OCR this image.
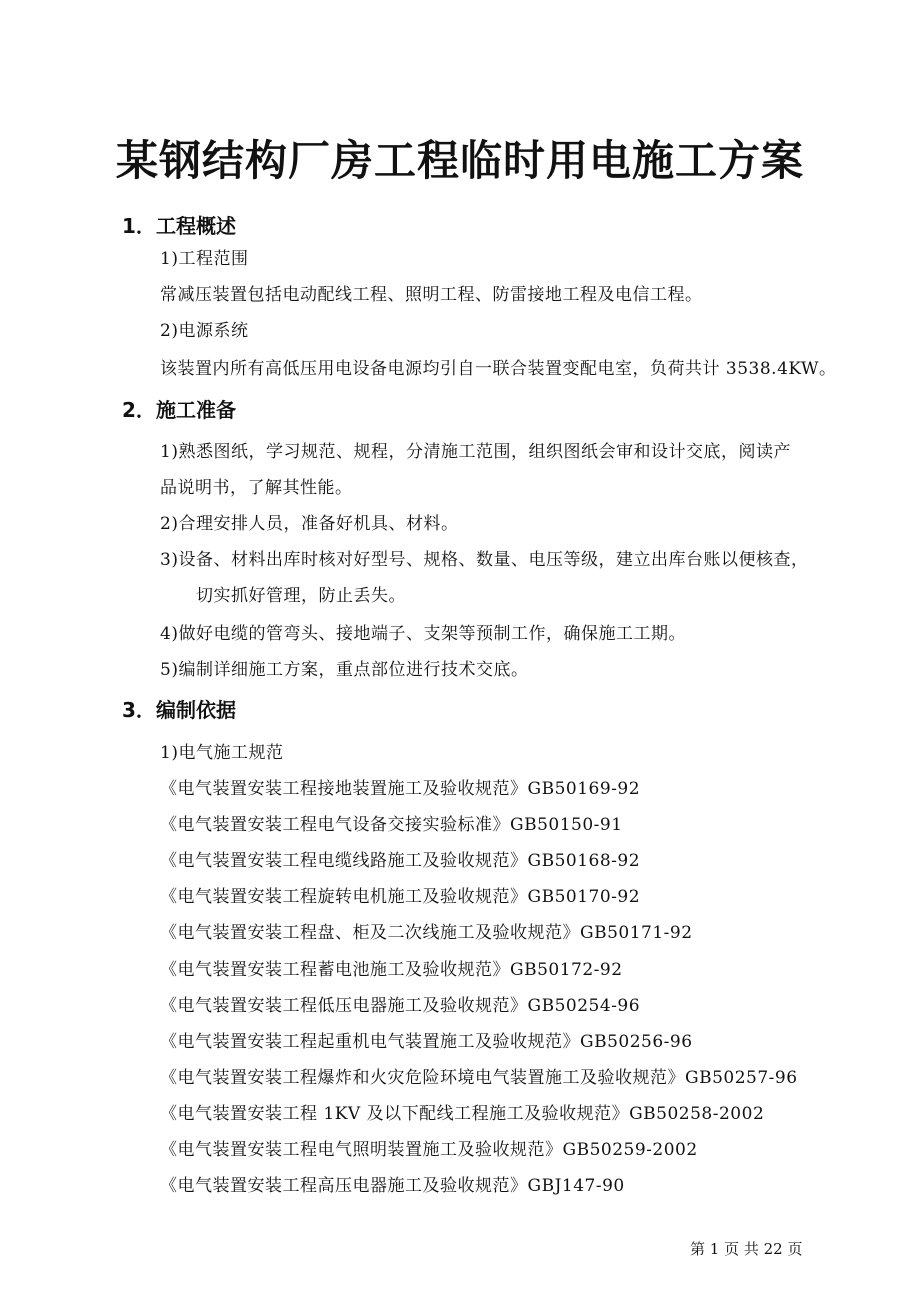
某钢结构厂房工程临时用电施工方案
1．工程概述
1)工程范围
常减压装置包括电动配线工程、照明工程、防雷接地工程及电信工程。
2)电源系统
该装置内所有高低压用电设备电源均引自一联合装置变配电室，负荷共计 3538.4KW。
2．施工准备
1)熟悉图纸，学习规范、规程，分清施工范围，组织图纸会审和设计交底，阅读产
品说明书，了解其性能。
2)合理安排人员，准备好机具、材料。
3)设备、材料出库时核对好型号、规格、数量、电压等级，建立出库台账以便核查，
切实抓好管理，防止丢失。
4)做好电缆的管弯头、接地端子、支架等预制工作，确保施工工期。
5)编制详细施工方案，重点部位进行技术交底。
3．编制依据
1)电气施工规范
《电气装置安装工程接地装置施工及验收规范》GB50169-92
《电气装置安装工程电气设备交接实验标准》GB50150-91
《电气装置安装工程电缆线路施工及验收规范》GB50168-92
《电气装置安装工程旋转电机施工及验收规范》GB50170-92
《电气装置安装工程盘、柜及二次线施工及验收规范》GB50171-92
《电气装置安装工程蓄电池施工及验收规范》GB50172-92
《电气装置安装工程低压电器施工及验收规范》GB50254-96
《电气装置安装工程起重机电气装置施工及验收规范》GB50256-96
《电气装置安装工程爆炸和火灾危险环境电气装置施工及验收规范》GB50257-96
《电气装置安装工程 1KV 及以下配线工程施工及验收规范》GB50258-2002
《电气装置安装工程电气照明装置施工及验收规范》GB50259-2002
《电气装置安装工程高压电器施工及验收规范》GBJ147-90
第 1 页 共 22 页
